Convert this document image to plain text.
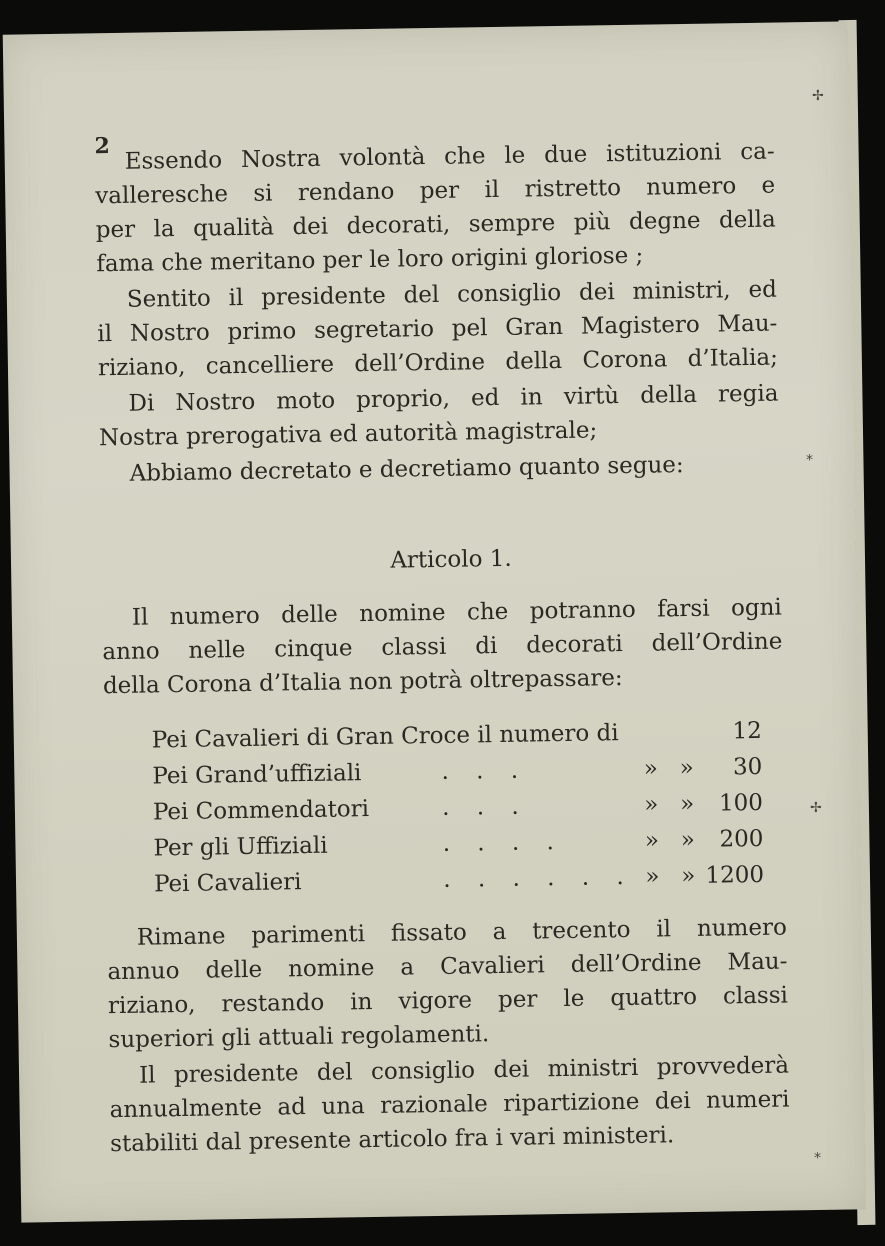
2 Essendo Nostra volontà che le due istituzioni ca-
valleresche si rendano per il ristretto numero e
per la qualità dei decorati, sempre più degne della
fama che meritano per le loro origini gloriose ;
Sentito il presidente del consiglio dei ministri, ed
il Nostro primo segretario pel Gran Magistero Mau-
riziano, cancelliere dell’Ordine della Corona d’Italia;
Di Nostro moto proprio, ed in virtù della regia
Nostra prerogativa ed autorità magistrale;
Abbiamo decretato e decretiamo quanto segue:
Articolo 1.
Il numero delle nomine che potranno farsi ogni
anno nelle cinque classi di decorati dell’Ordine
della Corona d’Italia non potrà oltrepassare:
Pei Cavalieri di Gran Croce il numero di				12
Pei Grand’uffiziali	. . .	»	»	30
Pei Commendatori	. . .	»	»	100
Per gli Uffiziali	. . . .	»	»	200
Pei Cavalieri	. . . . . .	»	»	1200
Rimane parimenti fissato a trecento il numero
annuo delle nomine a Cavalieri dell’Ordine Mau-
riziano, restando in vigore per le quattro classi
superiori gli attuali regolamenti.
Il presidente del consiglio dei ministri provvederà
annualmente ad una razionale ripartizione dei numeri
stabiliti dal presente articolo fra i vari ministeri.
✢
⁎
✢
⁎
